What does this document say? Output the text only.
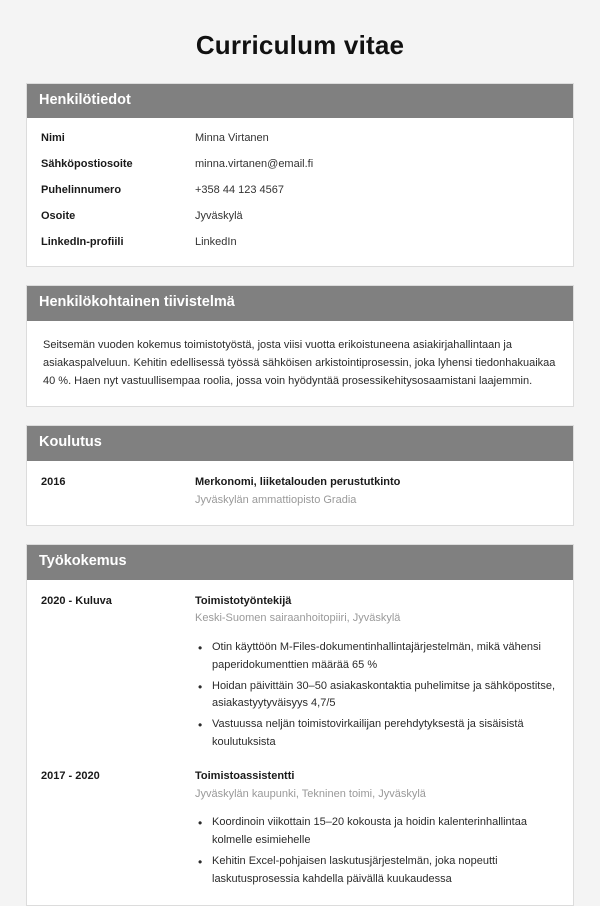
Curriculum vitae
Henkilötiedot
Nimi	Minna Virtanen
Sähköpostiosoite	minna.virtanen@email.fi
Puhelinnumero	+358 44 123 4567
Osoite	Jyväskylä
LinkedIn-profiili	LinkedIn
Henkilökohtainen tiivistelmä

Seitsemän vuoden kokemus toimistotyöstä, josta viisi vuotta erikoistuneena asiakirjahallintaan ja asiakaspalveluun. Kehitin edellisessä työssä sähköisen arkistointiprosessin, joka lyhensi tiedonhakuaikaa 40 %. Haen nyt vastuullisempaa roolia, jossa voin hyödyntää prosessikehitysosaamistani laajemmin.

Koulutus
2016	Merkonomi, liiketalouden perustutkinto
Jyväskylän ammattiopisto Gradia
Työkokemus
2020 - Kuluva	Toimistotyöntekijä
Keski-Suomen sairaanhoitopiiri, Jyväskylä
• Otin käyttöön M-Files-dokumentinhallintajärjestelmän, mikä vähensi paperidokumenttien määrää 65 %
• Hoidan päivittäin 30–50 asiakaskontaktia puhelimitse ja sähköpostitse, asiakastyytyväisyys 4,7/5
• Vastuussa neljän toimistovirkailijan perehdytyksestä ja sisäisistä koulutuksista
2017 - 2020	Toimistoassistentti
Jyväskylän kaupunki, Tekninen toimi, Jyväskylä
• Koordinoin viikottain 15–20 kokousta ja hoidin kalenterinhallintaa kolmelle esimiehelle
• Kehitin Excel-pohjaisen laskutusjärjestelmän, joka nopeutti laskutusprosessia kahdella päivällä kuukaudessa
